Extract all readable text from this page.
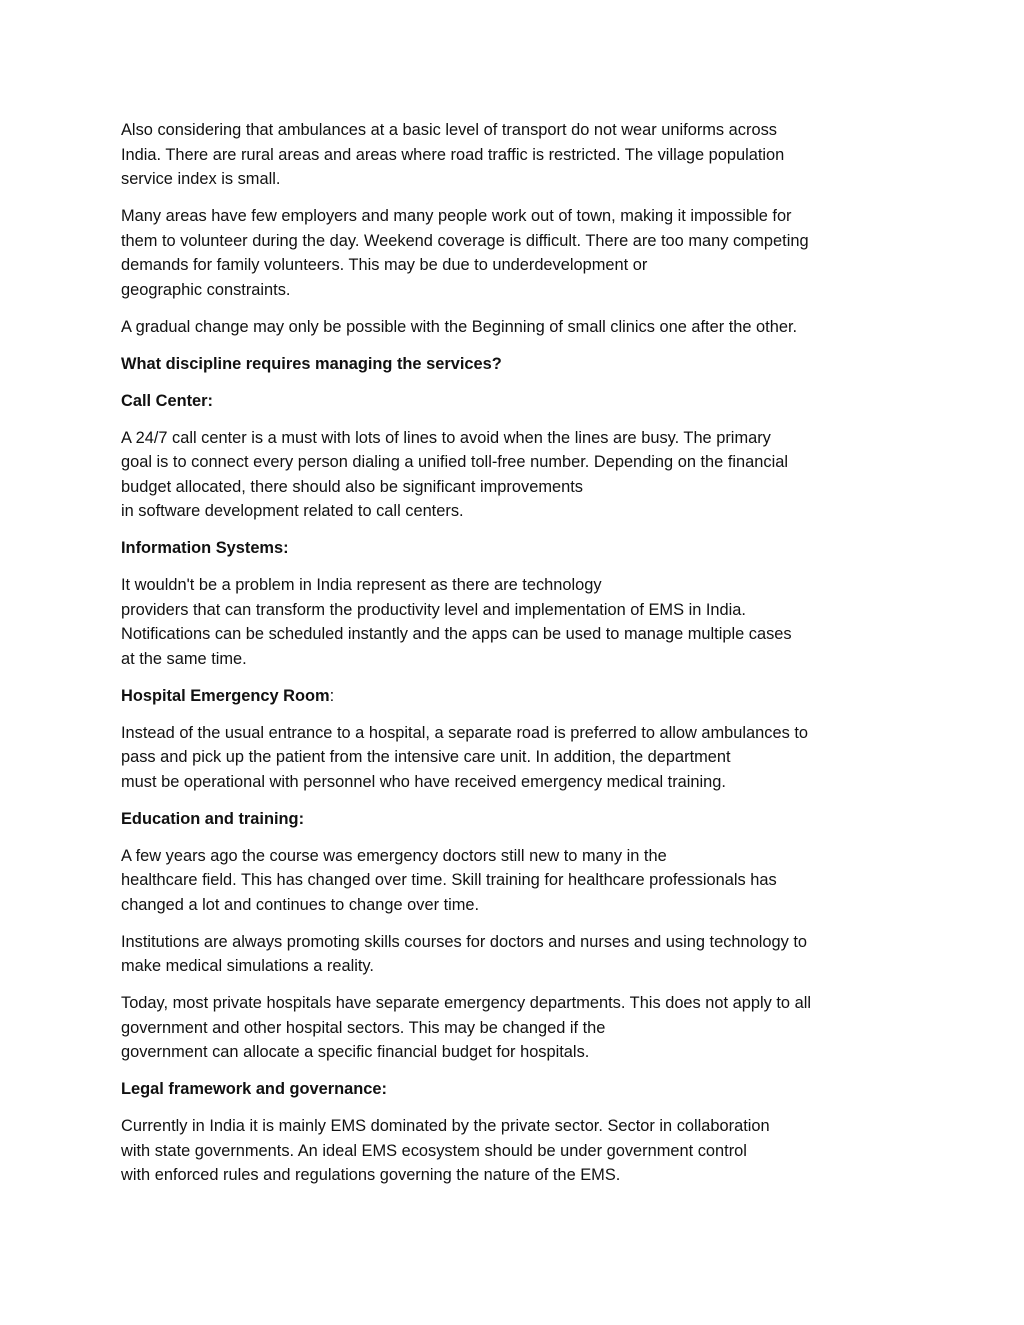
Also considering that ambulances at a basic level of transport do not wear uniforms across
India. There are rural areas and areas where road traffic is restricted. The village population
service index is small.

Many areas have few employers and many people work out of town, making it impossible for
them to volunteer during the day. Weekend coverage is difficult. There are too many competing
demands for family volunteers. This may be due to underdevelopment or
geographic constraints.

A gradual change may only be possible with the Beginning of small clinics one after the other.

What discipline requires managing the services?

Call Center:

A 24/7 call center is a must with lots of lines to avoid when the lines are busy. The primary
goal is to connect every person dialing a unified toll-free number. Depending on the financial
budget allocated, there should also be significant improvements
in software development related to call centers.

Information Systems:

It wouldn't be a problem in India represent as there are technology
providers that can transform the productivity level and implementation of EMS in India.
Notifications can be scheduled instantly and the apps can be used to manage multiple cases
at the same time.

Hospital Emergency Room:

Instead of the usual entrance to a hospital, a separate road is preferred to allow ambulances to
pass and pick up the patient from the intensive care unit. In addition, the department
must be operational with personnel who have received emergency medical training.

Education and training:

A few years ago the course was emergency doctors still new to many in the
healthcare field. This has changed over time. Skill training for healthcare professionals has
changed a lot and continues to change over time.

Institutions are always promoting skills courses for doctors and nurses and using technology to
make medical simulations a reality.

Today, most private hospitals have separate emergency departments. This does not apply to all
government and other hospital sectors. This may be changed if the
government can allocate a specific financial budget for hospitals.

Legal framework and governance:

Currently in India it is mainly EMS dominated by the private sector. Sector in collaboration
with state governments. An ideal EMS ecosystem should be under government control
with enforced rules and regulations governing the nature of the EMS.
